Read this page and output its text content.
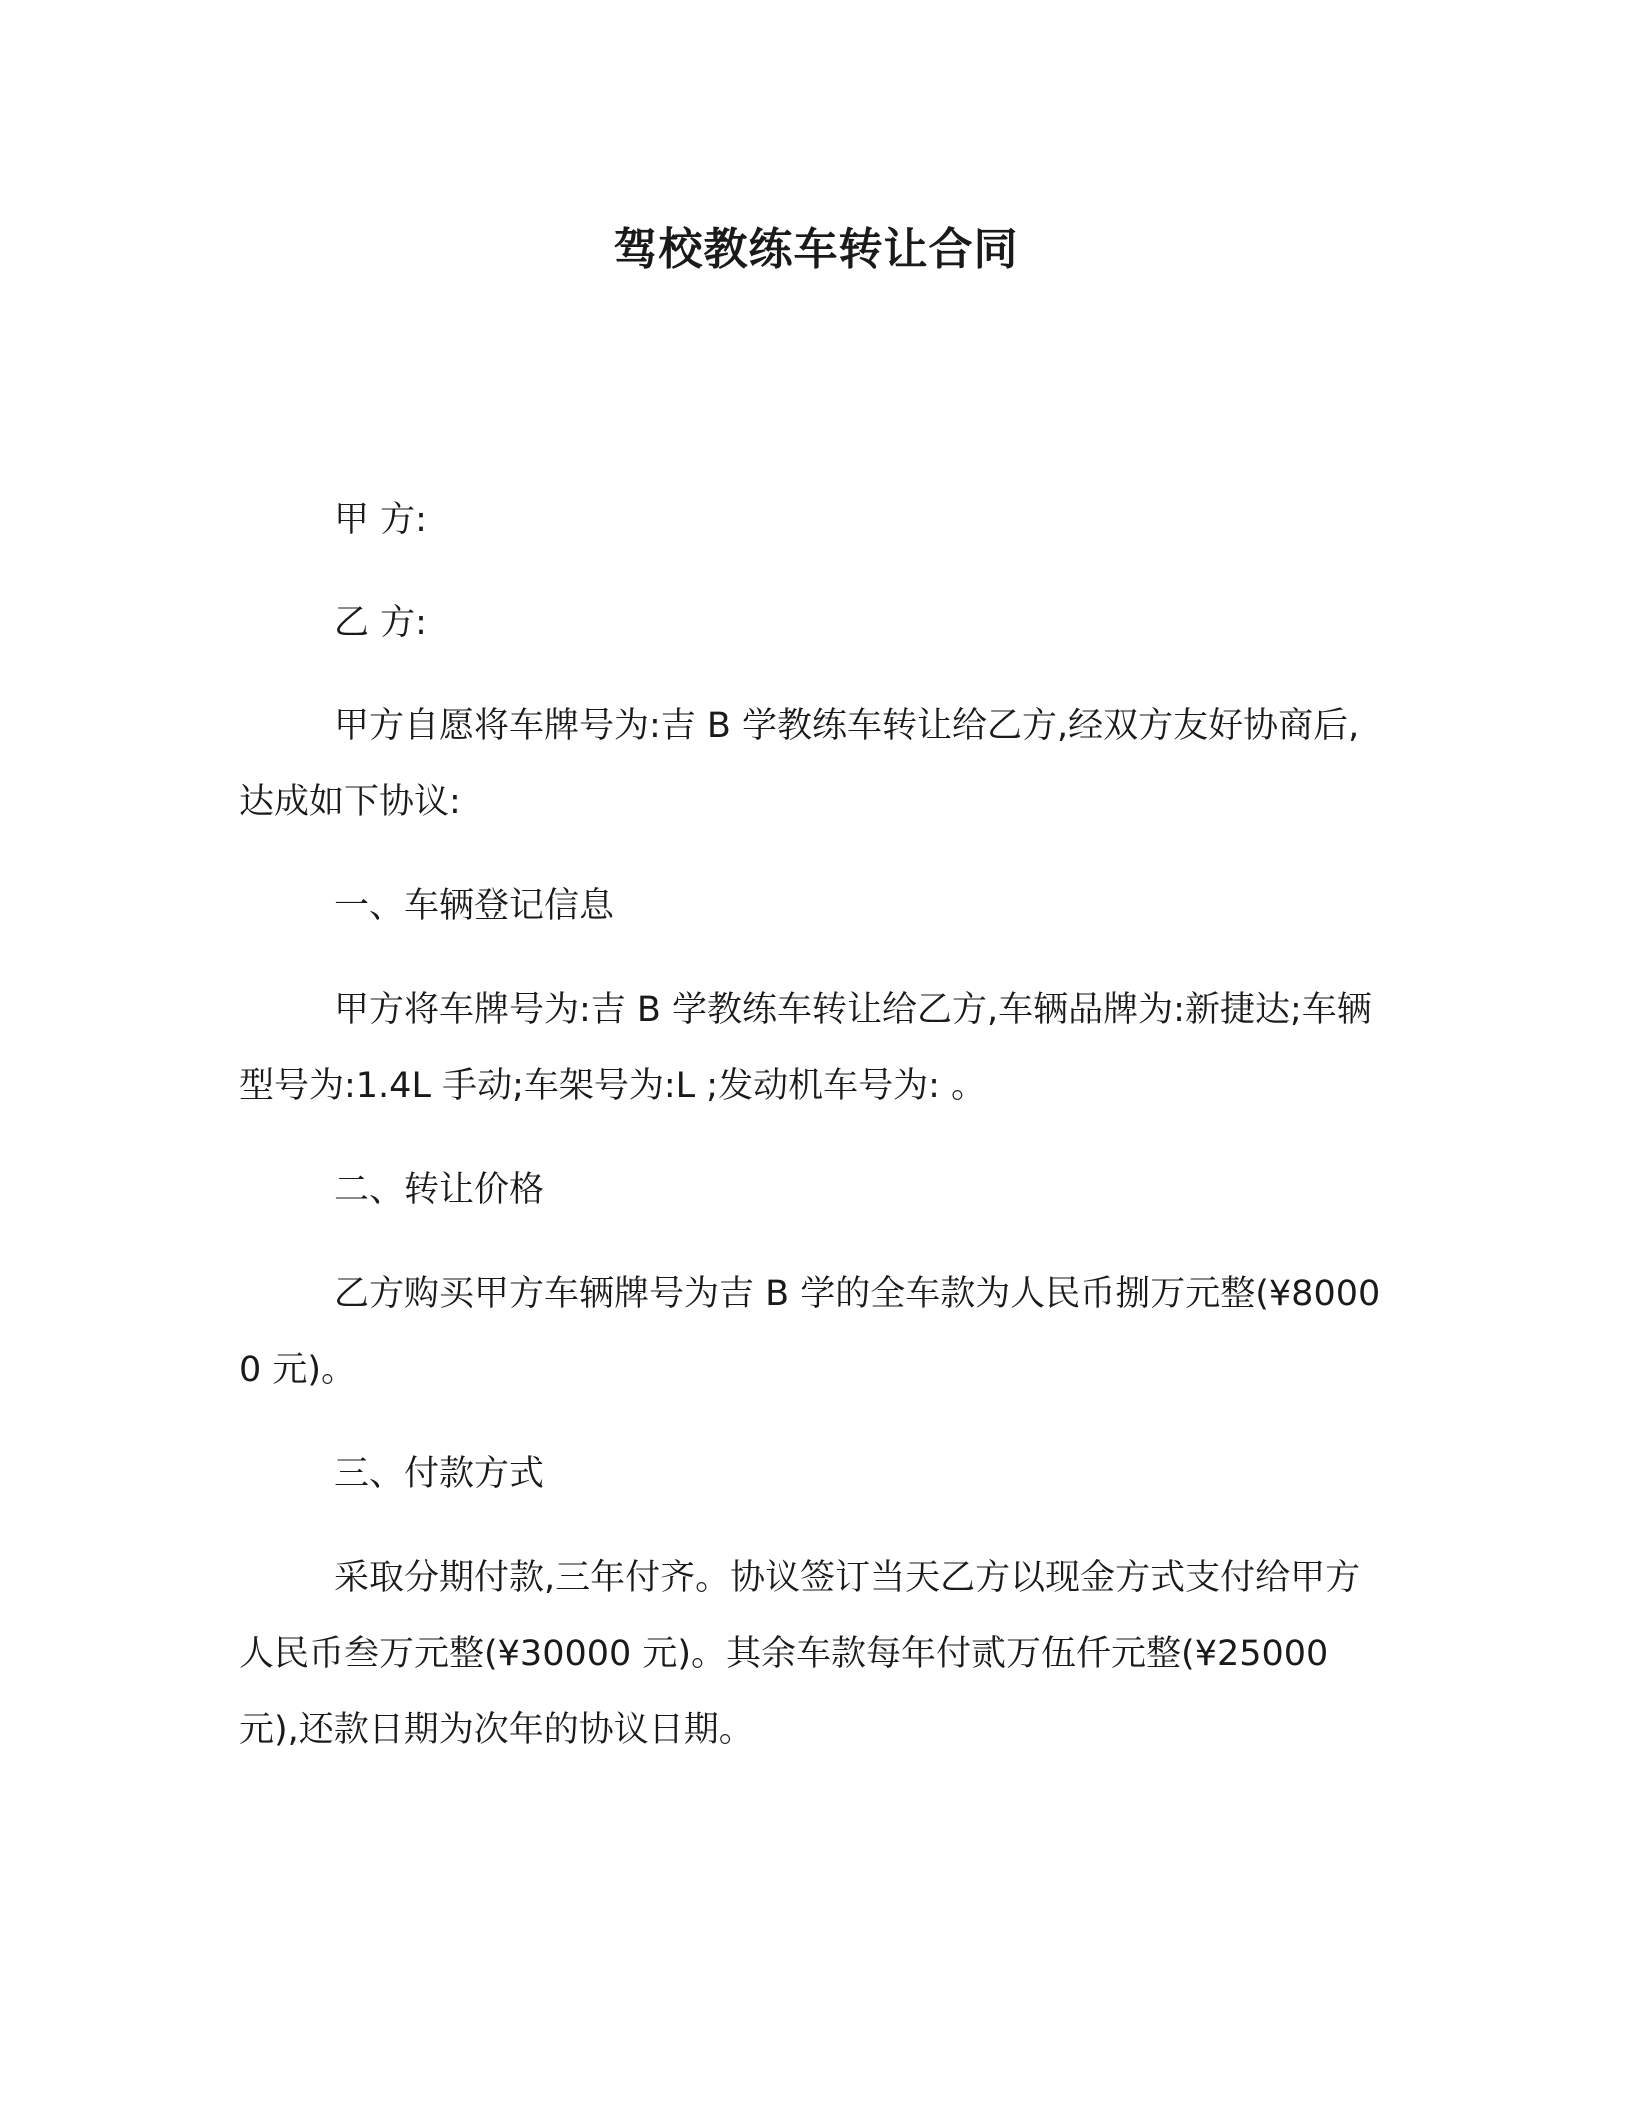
驾校教练车转让合同
甲 方:
乙 方:

甲方自愿将车牌号为:吉 B 学教练车转让给乙方,经双方友好协商后,达成如下协议:

一、车辆登记信息

甲方将车牌号为:吉 B 学教练车转让给乙方,车辆品牌为:新捷达;车辆型号为:1.4L 手动;车架号为:L ;发动机车号为: 。

二、转让价格

乙方购买甲方车辆牌号为吉 B 学的全车款为人民币捌万元整(¥80000 元)。

三、付款方式

采取分期付款,三年付齐。协议签订当天乙方以现金方式支付给甲方人民币叁万元整(¥30000 元)。其余车款每年付贰万伍仟元整(¥25000 元),还款日期为次年的协议日期。
